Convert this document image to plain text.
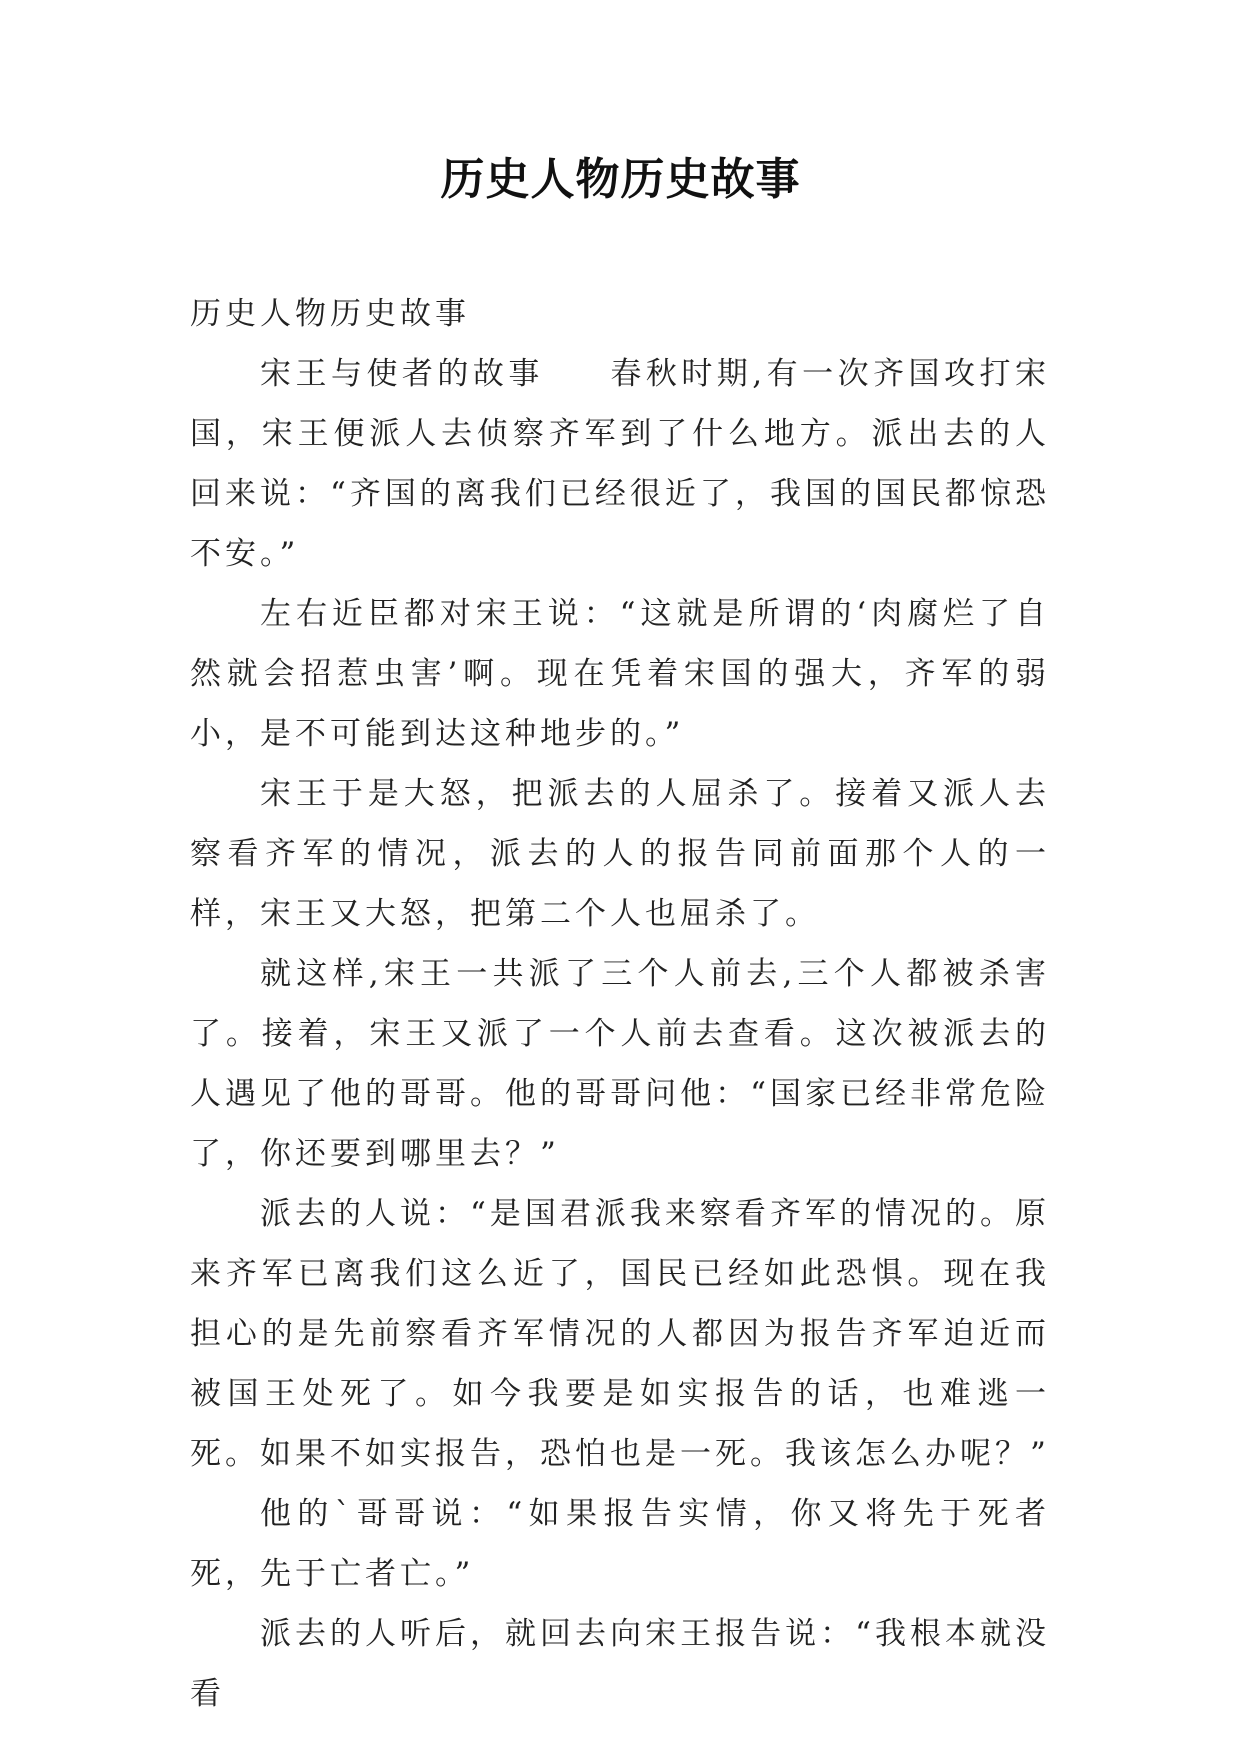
历史人物历史故事

历史人物历史故事

宋王与使者的故事 春秋时期,有一次齐国攻打宋国，宋王便派人去侦察齐军到了什么地方。派出去的人回来说：“齐国的离我们已经很近了，我国的国民都惊恐不安。”

左右近臣都对宋王说：“这就是所谓的‘肉腐烂了自然就会招惹虫害’啊。现在凭着宋国的强大，齐军的弱小，是不可能到达这种地步的。”

宋王于是大怒，把派去的人屈杀了。接着又派人去察看齐军的情况，派去的人的报告同前面那个人的一样，宋王又大怒，把第二个人也屈杀了。

就这样,宋王一共派了三个人前去,三个人都被杀害了。接着，宋王又派了一个人前去查看。这次被派去的人遇见了他的哥哥。他的哥哥问他：“国家已经非常危险了，你还要到哪里去？”

派去的人说：“是国君派我来察看齐军的情况的。原来齐军已离我们这么近了，国民已经如此恐惧。现在我担心的是先前察看齐军情况的人都因为报告齐军迫近而被国王处死了。如今我要是如实报告的话，也难逃一死。如果不如实报告，恐怕也是一死。我该怎么办呢？”

他的`哥哥说：“如果报告实情，你又将先于死者死，先于亡者亡。”

派去的人听后，就回去向宋王报告说：“我根本就没看
